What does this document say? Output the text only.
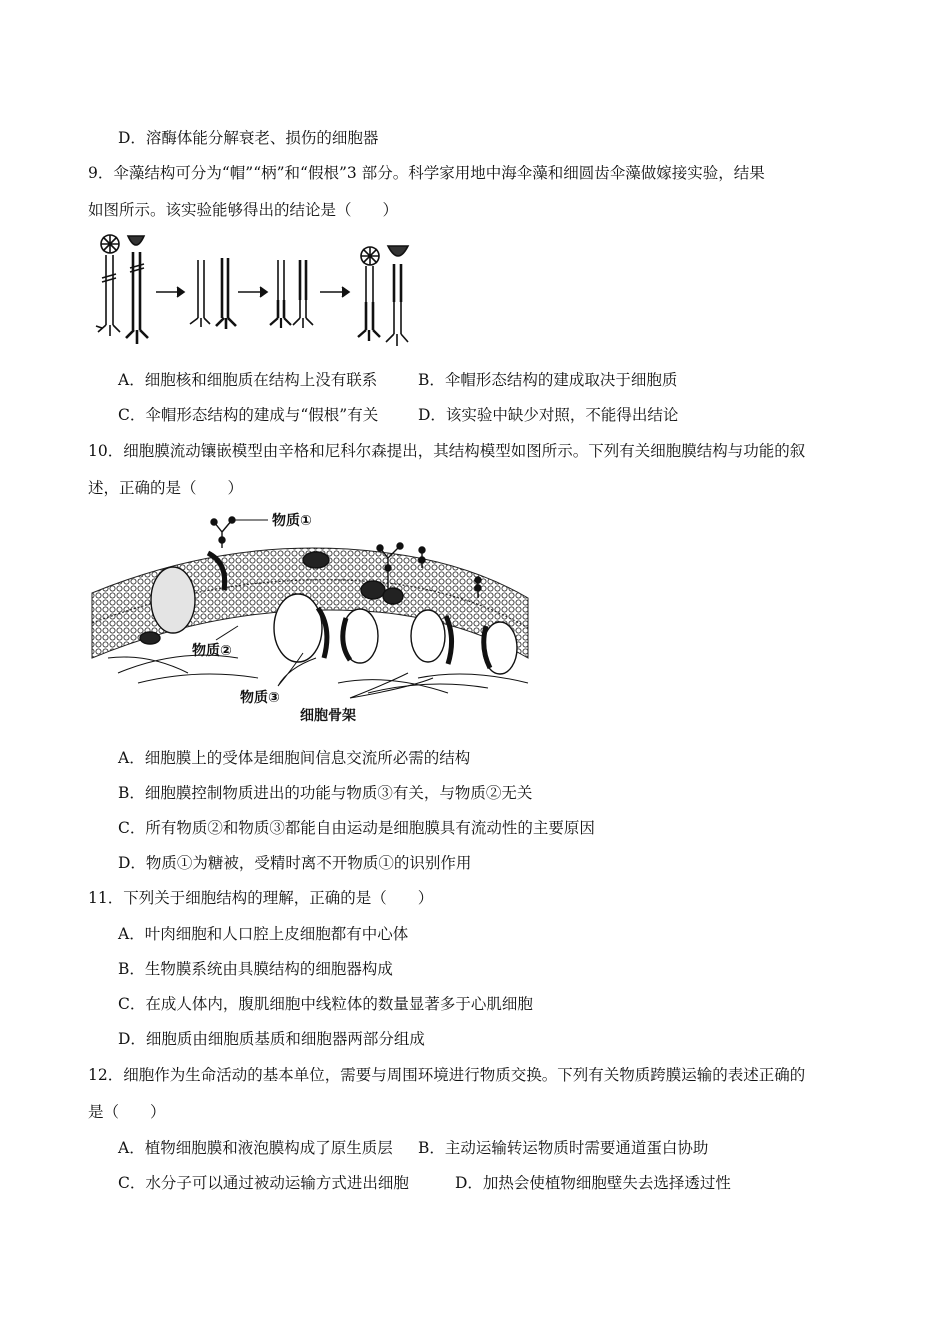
D．溶酶体能分解衰老、损伤的细胞器
9．伞藻结构可分为“帽”“柄”和“假根”3 部分。科学家用地中海伞藻和细圆齿伞藻做嫁接实验，结果
如图所示。该实验能够得出的结论是（　　）
A．细胞核和细胞质在结构上没有联系	B．伞帽形态结构的建成取决于细胞质
C．伞帽形态结构的建成与“假根”有关	D．该实验中缺少对照，不能得出结论
10．细胞膜流动镶嵌模型由辛格和尼科尔森提出，其结构模型如图所示。下列有关细胞膜结构与功能的叙
述，正确的是（　　）
物质①
物质②
物质③
细胞骨架
A．细胞膜上的受体是细胞间信息交流所必需的结构
B．细胞膜控制物质进出的功能与物质③有关，与物质②无关
C．所有物质②和物质③都能自由运动是细胞膜具有流动性的主要原因
D．物质①为糖被，受精时离不开物质①的识别作用
11．下列关于细胞结构的理解，正确的是（　　）
A．叶肉细胞和人口腔上皮细胞都有中心体
B．生物膜系统由具膜结构的细胞器构成
C．在成人体内，腹肌细胞中线粒体的数量显著多于心肌细胞
D．细胞质由细胞质基质和细胞器两部分组成
12．细胞作为生命活动的基本单位，需要与周围环境进行物质交换。下列有关物质跨膜运输的表述正确的
是（　　）
A．植物细胞膜和液泡膜构成了原生质层 B．主动运输转运物质时需要通道蛋白协助
C．水分子可以通过被动运输方式进出细胞	D．加热会使植物细胞壁失去选择透过性
